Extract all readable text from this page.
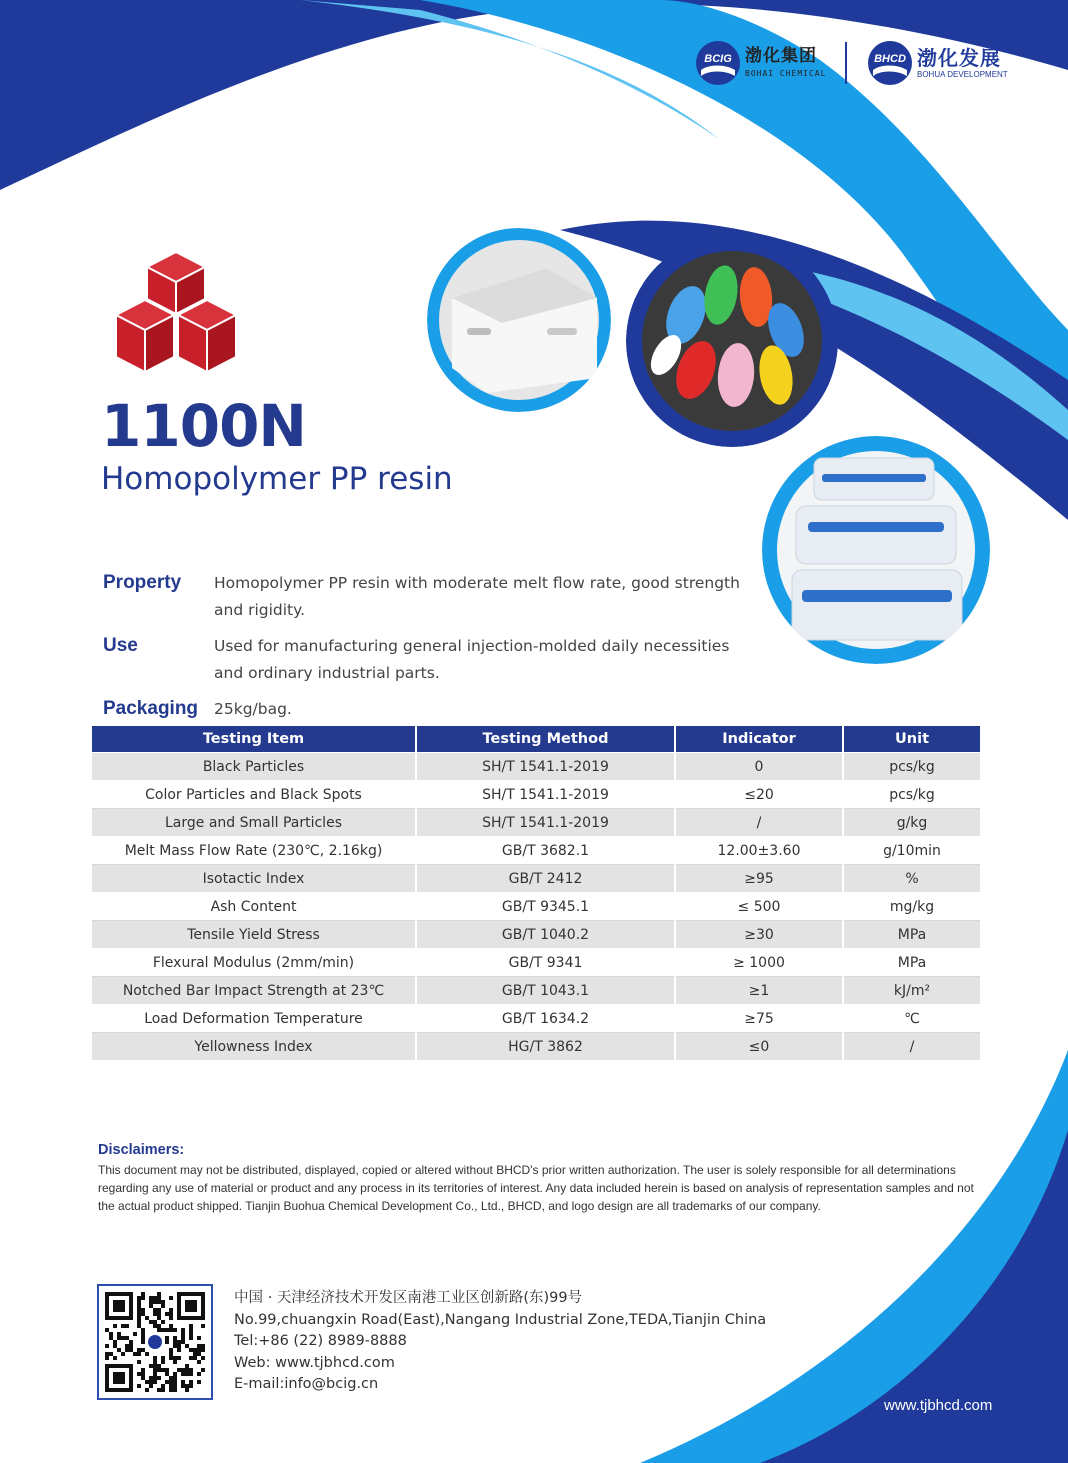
BCIG 渤化集团
BOHAI CHEMICAL
BHCD 渤化发展
BOHUA DEVELOPMENT
1100N
Homopolymer PP resin
Property	Homopolymer PP resin with moderate melt flow rate, good strength and rigidity.
Use	Used for manufacturing general injection-molded daily necessities and ordinary industrial parts.
Packaging	25kg/bag.
Testing Item	Testing Method	Indicator	Unit
Black Particles	SH/T 1541.1-2019	0	pcs/kg
Color Particles and Black Spots	SH/T 1541.1-2019	≤20	pcs/kg
Large and Small Particles	SH/T 1541.1-2019	/	g/kg
Melt Mass Flow Rate (230℃, 2.16kg)	GB/T 3682.1	12.00±3.60	g/10min
Isotactic Index	GB/T 2412	≥95	%
Ash Content	GB/T 9345.1	≤ 500	mg/kg
Tensile Yield Stress	GB/T 1040.2	≥30	MPa
Flexural Modulus (2mm/min)	GB/T 9341	≥ 1000	MPa
Notched Bar Impact Strength at 23℃	GB/T 1043.1	≥1	kJ/m²
Load Deformation Temperature	GB/T 1634.2	≥75	℃
Yellowness Index	HG/T 3862	≤0	/
Disclaimers:
This document may not be distributed, displayed, copied or altered without BHCD's prior written authorization. The user is solely responsible for all determinations regarding any use of material or product and any process in its territories of interest. Any data included herein is based on analysis of representation samples and not the actual product shipped. Tianjin Buohua Chemical Development Co., Ltd., BHCD, and logo design are all trademarks of our company.
中国 · 天津经济技术开发区南港工业区创新路(东)99号
No.99,chuangxin Road(East),Nangang Industrial Zone,TEDA,Tianjin China
Tel:+86 (22) 8989-8888
Web: www.tjbhcd.com
E-mail:info@bcig.cn
www.tjbhcd.com
